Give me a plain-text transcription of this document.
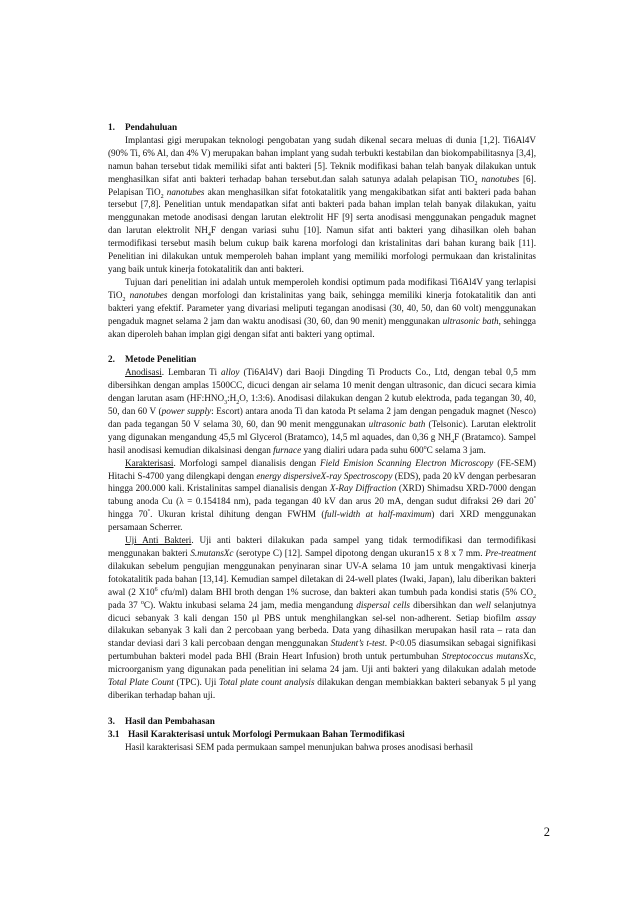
1.	Pendahuluan

Implantasi gigi merupakan teknologi pengobatan yang sudah dikenal secara meluas di dunia [1,2]. Ti6Al4V (90% Ti, 6% Al, dan 4% V) merupakan bahan implant yang sudah terbukti kestabilan dan biokompabilitasnya [3,4], namun bahan tersebut tidak memiliki sifat anti bakteri [5]. Teknik modifikasi bahan telah banyak dilakukan untuk menghasilkan sifat anti bakteri terhadap bahan tersebut.dan salah satunya adalah pelapisan TiO$_2$ nanotubes [6]. Pelapisan TiO$_2$ nanotubes akan menghasilkan sifat fotokatalitik yang mengakibatkan sifat anti bakteri pada bahan tersebut [7,8]. Penelitian untuk mendapatkan sifat anti bakteri pada bahan implan telah banyak dilakukan, yaitu menggunakan metode anodisasi dengan larutan elektrolit HF [9] serta anodisasi menggunakan pengaduk magnet dan larutan elektrolit $NH_4F$ dengan variasi suhu [10]. Namun sifat anti bakteri yang dihasilkan oleh bahan termodifikasi tersebut masih belum cukup baik karena morfologi dan kristalinitas dari bahan kurang baik [11]. Penelitian ini dilakukan untuk memperoleh bahan implant yang memiliki morfologi permukaan dan kristalinitas yang baik untuk kinerja fotokatalitik dan anti bakteri.

Tujuan dari penelitian ini adalah untuk memperoleh kondisi optimum pada modifikasi Ti6Al4V yang terlapisi TiO$_2$ nanotubes dengan morfologi dan kristalinitas yang baik, sehingga memiliki kinerja fotokatalitik dan anti bakteri yang efektif. Parameter yang divariasi meliputi tegangan anodisasi (30, 40, 50, dan 60 volt) menggunakan pengaduk magnet selama 2 jam dan waktu anodisasi (30, 60, dan 90 menit) menggunakan ultrasonic bath, sehingga akan diperoleh bahan implan gigi dengan sifat anti bakteri yang optimal.

2.	Metode Penelitian

Anodisasi. Lembaran Ti alloy (Ti6Al4V) dari Baoji Dingding Ti Products Co., Ltd, dengan tebal 0,5 mm dibersihkan dengan amplas 1500CC, dicuci dengan air selama 10 menit dengan ultrasonic, dan dicuci secara kimia dengan larutan asam ($HF:HNO_3:H_2O$, 1:3:6). Anodisasi dilakukan dengan 2 kutub elektroda, pada tegangan 30, 40, 50, dan 60 V (power supply: Escort) antara anoda Ti dan katoda Pt selama 2 jam dengan pengaduk magnet (Nesco) dan pada tegangan 50 V selama 30, 60, dan 90 menit menggunakan ultrasonic bath (Telsonic). Larutan elektrolit yang digunakan mengandung 45,5 ml Glycerol (Bratamco), 14,5 ml aquades, dan 0,36 g $NH_4F$ (Bratamco). Sampel hasil anodisasi kemudian dikalsinasi dengan furnace yang dialiri udara pada suhu 600$^o$C selama 3 jam.

Karakterisasi. Morfologi sampel dianalisis dengan Field Emision Scanning Electron Microscopy (FE-SEM) Hitachi S-4700 yang dilengkapi dengan energy dispersiveX-ray Spectroscopy (EDS), pada 20 kV dengan perbesaran hingga 200.000 kali. Kristalinitas sampel dianalisis dengan X-Ray Diffraction (XRD) Shimadsu XRD-7000 dengan tabung anoda Cu (λ = 0.154184 nm), pada tegangan 40 kV dan arus 20 mA, dengan sudut difraksi 2Θ dari 20° hingga 70°. Ukuran kristal dihitung dengan FWHM (full-width at half-maximum) dari XRD menggunakan persamaan Scherrer.

Uji Anti Bakteri. Uji anti bakteri dilakukan pada sampel yang tidak termodifikasi dan termodifikasi menggunakan bakteri S.mutansXc (serotype C) [12]. Sampel dipotong dengan ukuran15 x 8 x 7 mm. Pre-treatment dilakukan sebelum pengujian menggunakan penyinaran sinar UV-A selama 10 jam untuk mengaktivasi kinerja fotokatalitik pada bahan [13,14]. Kemudian sampel diletakan di 24-well plates (Iwaki, Japan), lalu diberikan bakteri awal (2 $X10^6$ cfu/ml) dalam BHI broth dengan 1% sucrose, dan bakteri akan tumbuh pada kondisi statis (5% $CO_2$ pada 37 $^o$C). Waktu inkubasi selama 24 jam, media mengandung dispersal cells dibersihkan dan well selanjutnya dicuci sebanyak 3 kali dengan 150 μl PBS untuk menghilangkan sel-sel non-adherent. Setiap biofilm assay dilakukan sebanyak 3 kali dan 2 percobaan yang berbeda. Data yang dihasilkan merupakan hasil rata – rata dan standar deviasi dari 3 kali percobaan dengan menggunakan Student’s t-test. P<0.05 diasumsikan sebagai signifikasi pertumbuhan bakteri model pada BHI (Brain Heart Infusion) broth untuk pertumbuhan Streptococcus mutansXc, microorganism yang digunakan pada penelitian ini selama 24 jam. Uji anti bakteri yang dilakukan adalah metode Total Plate Count (TPC). Uji Total plate count analysis dilakukan dengan membiakkan bakteri sebanyak 5 μl yang diberikan terhadap bahan uji.

3.	Hasil dan Pembahasan
3.1 Hasil Karakterisasi untuk Morfologi Permukaan Bahan Termodifikasi

Hasil karakterisasi SEM pada permukaan sampel menunjukan bahwa proses anodisasi berhasil

2
